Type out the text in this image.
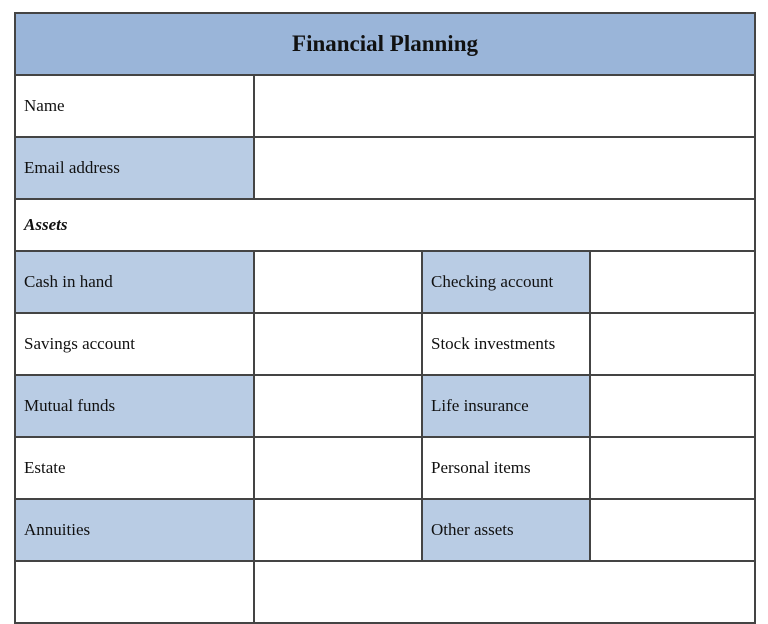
Financial Planning
Name
Email address
Assets
Cash in hand	Checking account
Savings account	Stock investments
Mutual funds	Life insurance
Estate	Personal items
Annuities	Other assets
